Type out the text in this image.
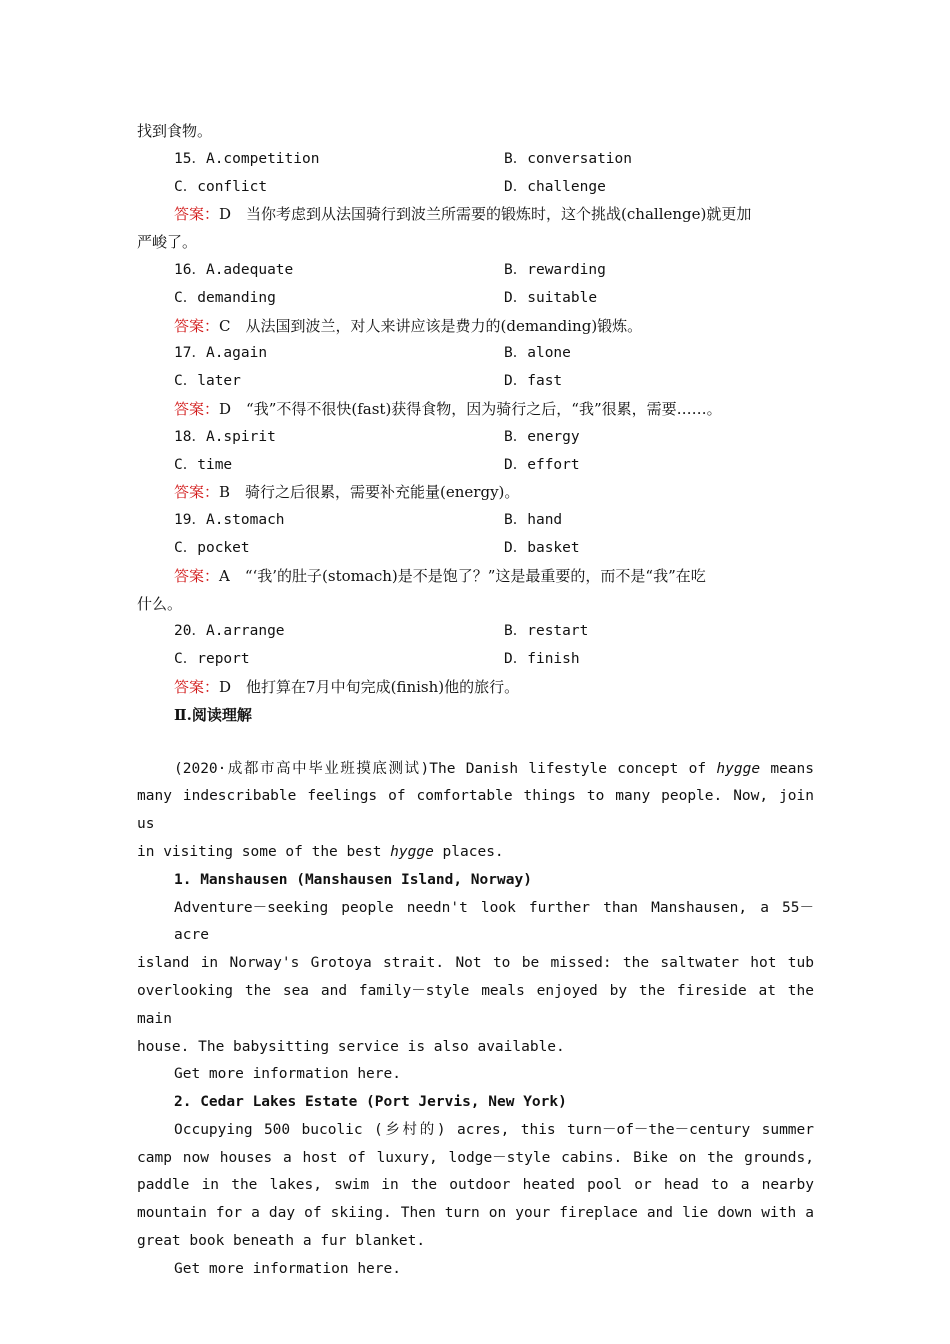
找到食物。
15．A.competition	B．conversation
C．conflict	D．challenge
答案：D　当你考虑到从法国骑行到波兰所需要的锻炼时，这个挑战(challenge)就更加
严峻了。
16．A.adequate	B．rewarding
C．demanding	D．suitable
答案：C　从法国到波兰，对人来讲应该是费力的(demanding)锻炼。
17．A.again	B．alone
C．later	D．fast
答案：D　“我”不得不很快(fast)获得食物，因为骑行之后，“我”很累，需要……。
18．A.spirit	B．energy
C．time	D．effort
答案：B　骑行之后很累，需要补充能量(energy)。
19．A.stomach	B．hand
C．pocket	D．basket
答案：A　“‘我’的肚子(stomach)是不是饱了？”这是最重要的，而不是“我”在吃
什么。
20．A.arrange	B．restart
C．report	D．finish
答案：D　他打算在7月中旬完成(finish)他的旅行。
Ⅱ.阅读理解
(2020·成都市高中毕业班摸底测试)The Danish lifestyle concept of hygge means
many indescribable feelings of comfortable things to many people. Now, join us
in visiting some of the best hygge places.
1. Manshausen (Manshausen Island, Norway)
Adventure－seeking people needn't look further than Manshausen, a 55－acre
island in Norway's Grotoya strait. Not to be missed: the saltwater hot tub
overlooking the sea and family－style meals enjoyed by the fireside at the main
house. The babysitting service is also available.
Get more information here.
2. Cedar Lakes Estate (Port Jervis, New York)
Occupying 500 bucolic (乡村的) acres, this turn－of－the－century summer
camp now houses a host of luxury, lodge－style cabins. Bike on the grounds,
paddle in the lakes, swim in the outdoor heated pool or head to a nearby
mountain for a day of skiing. Then turn on your fireplace and lie down with a
great book beneath a fur blanket.
Get more information here.
